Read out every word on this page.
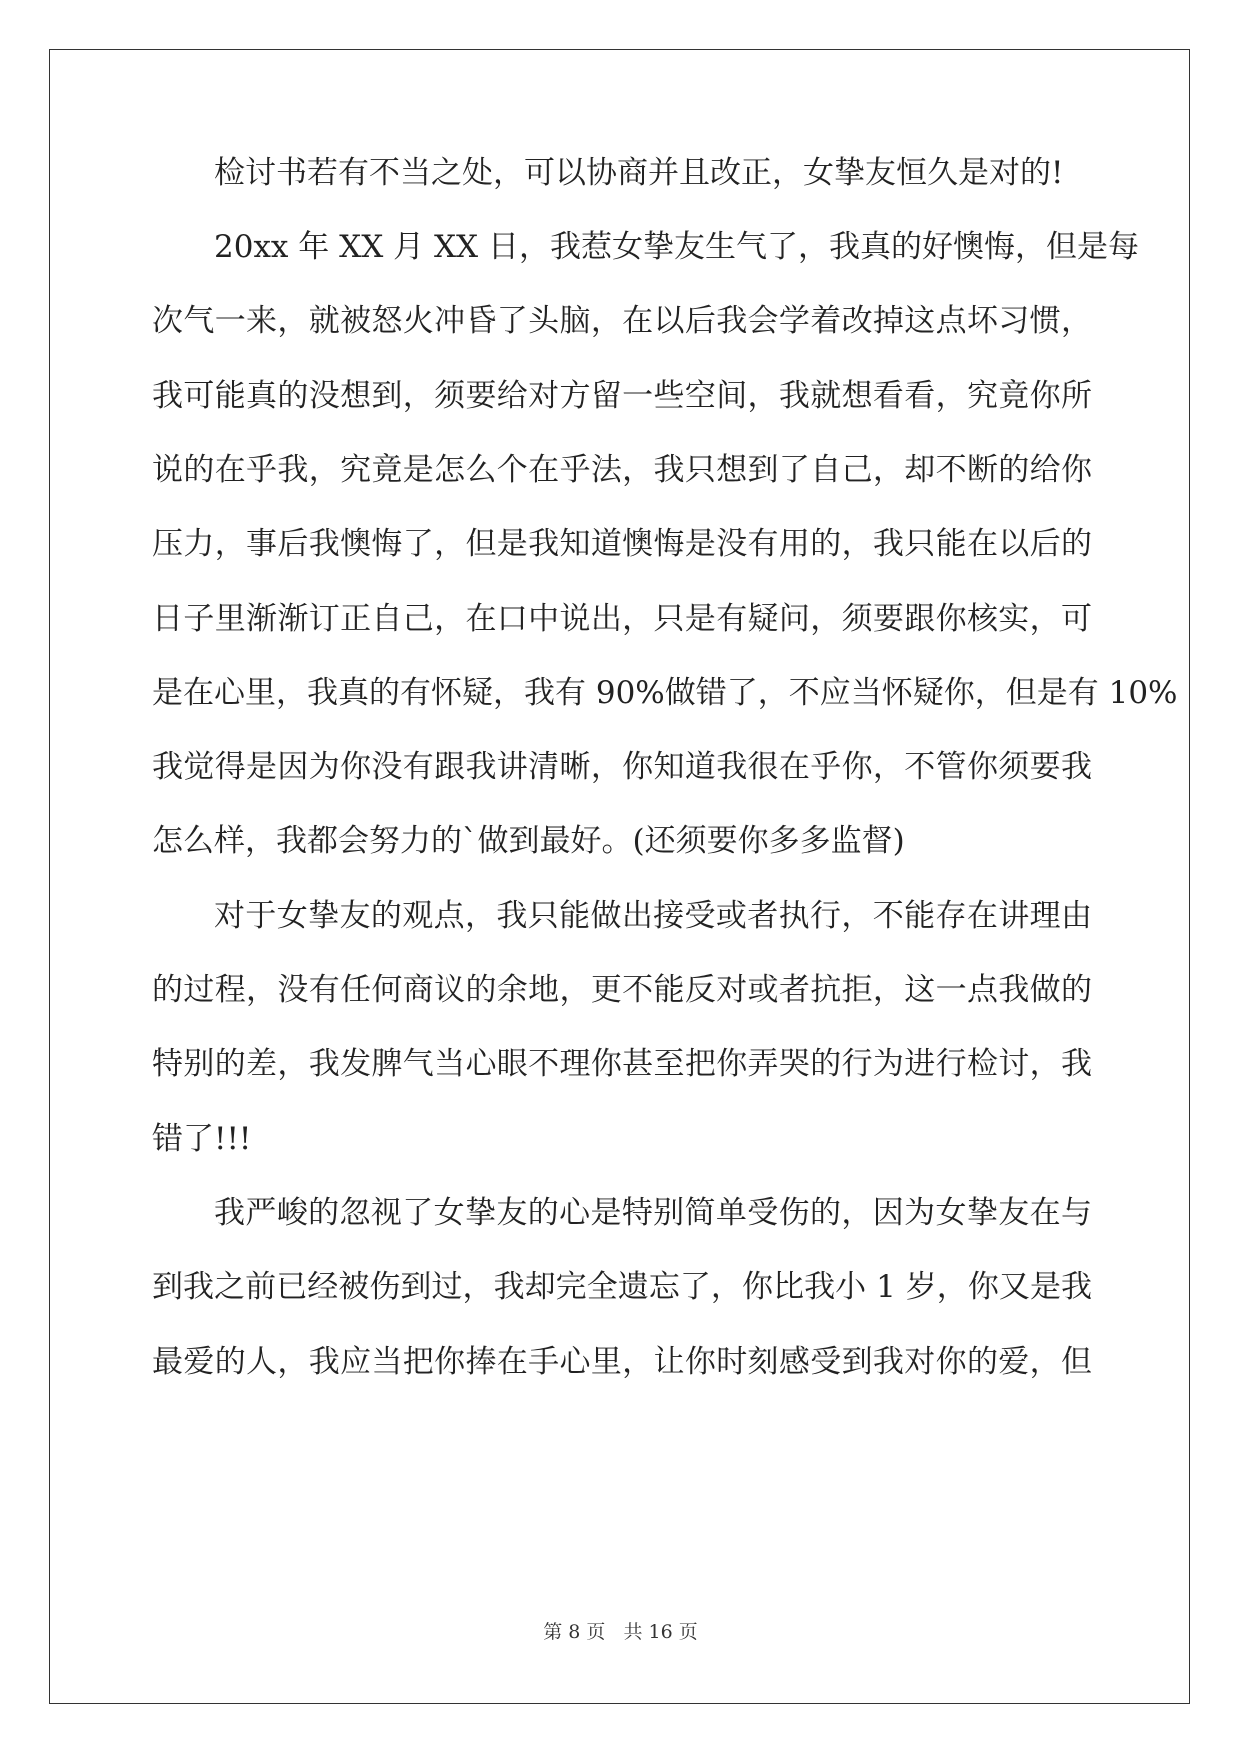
检讨书若有不当之处，可以协商并且改正，女挚友恒久是对的!
20xx 年 XX 月 XX 日，我惹女挚友生气了，我真的好懊悔，但是每
次气一来，就被怒火冲昏了头脑，在以后我会学着改掉这点坏习惯，
我可能真的没想到，须要给对方留一些空间，我就想看看，究竟你所
说的在乎我，究竟是怎么个在乎法，我只想到了自己，却不断的给你
压力，事后我懊悔了，但是我知道懊悔是没有用的，我只能在以后的
日子里渐渐订正自己，在口中说出，只是有疑问，须要跟你核实，可
是在心里，我真的有怀疑，我有 90%做错了，不应当怀疑你，但是有 10%
我觉得是因为你没有跟我讲清晰，你知道我很在乎你，不管你须要我
怎么样，我都会努力的`做到最好。(还须要你多多监督)
对于女挚友的观点，我只能做出接受或者执行，不能存在讲理由
的过程，没有任何商议的余地，更不能反对或者抗拒，这一点我做的
特别的差，我发脾气当心眼不理你甚至把你弄哭的行为进行检讨，我
错了!!!
我严峻的忽视了女挚友的心是特别简单受伤的，因为女挚友在与
到我之前已经被伤到过，我却完全遗忘了，你比我小 1 岁，你又是我
最爱的人，我应当把你捧在手心里，让你时刻感受到我对你的爱，但
第 8 页 共 16 页
